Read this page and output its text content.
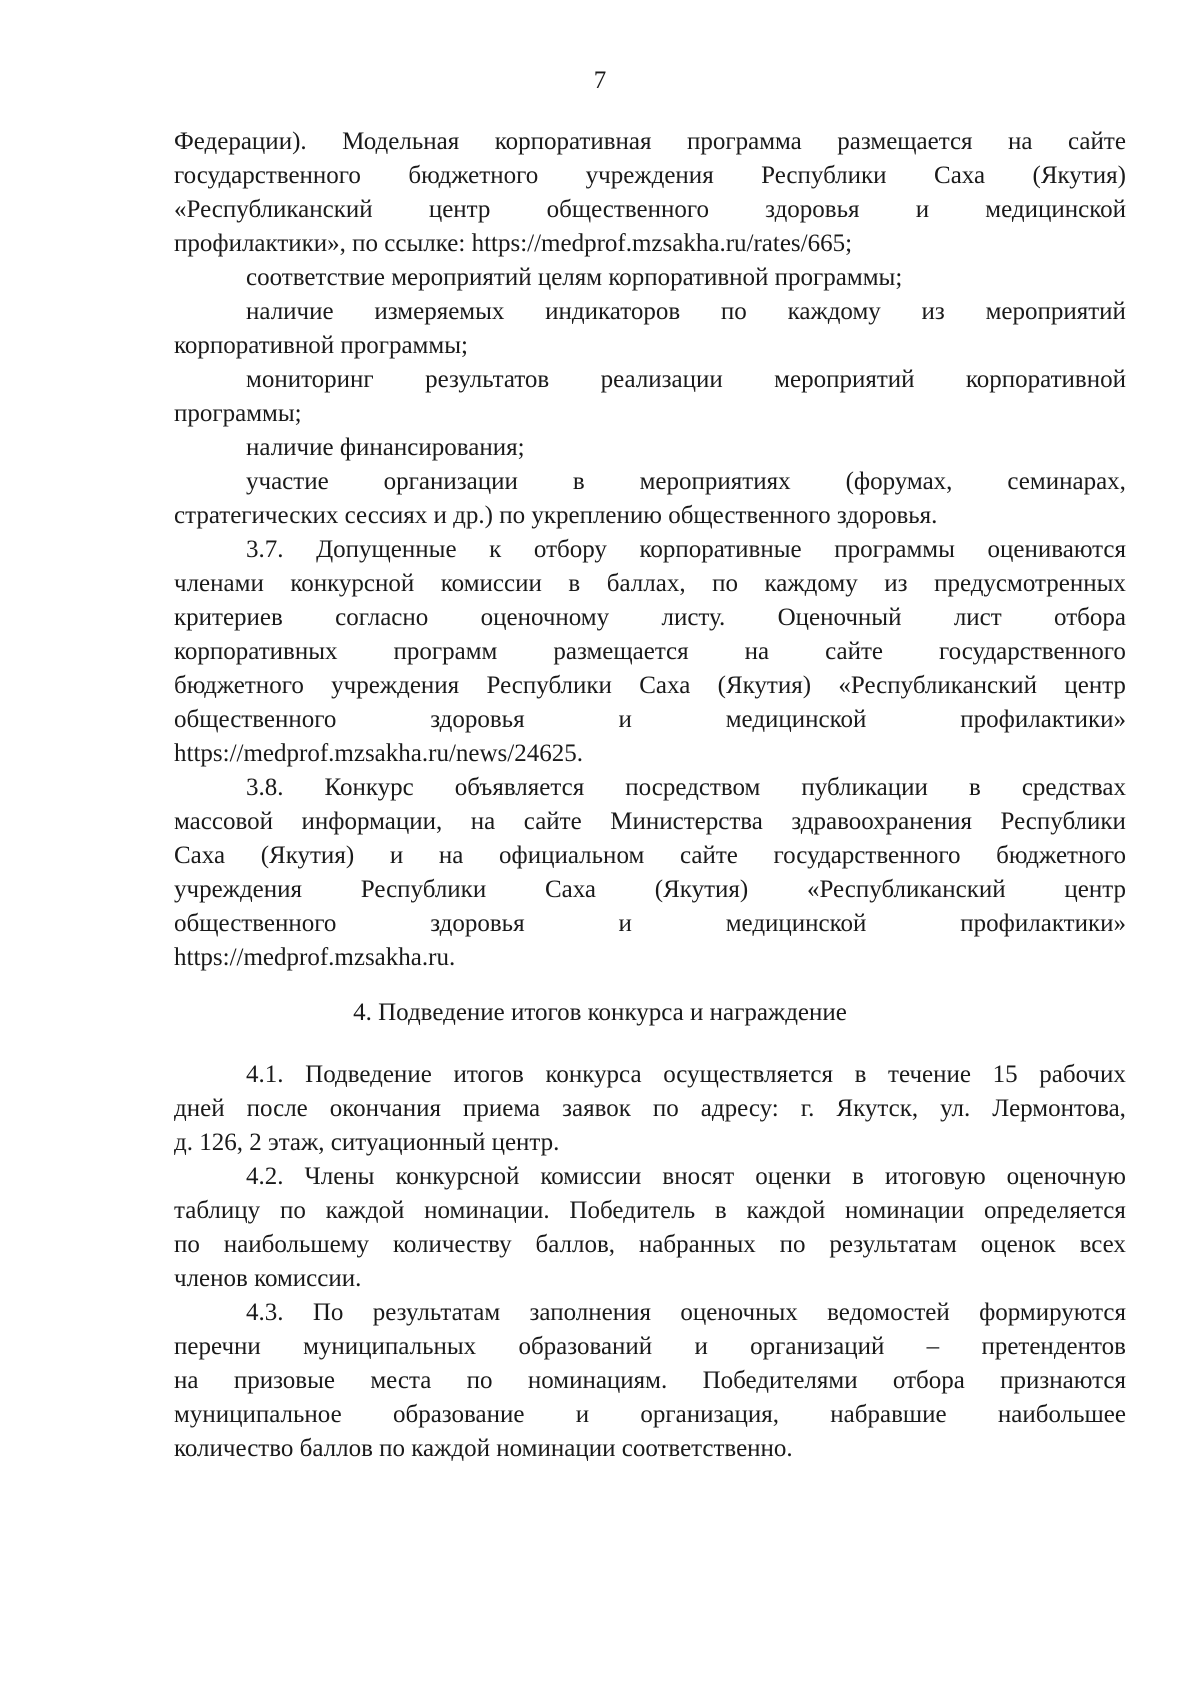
7
Федерации). Модельная корпоративная программа размещается на сайте
государственного бюджетного учреждения Республики Саха (Якутия)
«Республиканский центр общественного здоровья и медицинской
профилактики», по ссылке: https://medprof.mzsakha.ru/rates/665;
соответствие мероприятий целям корпоративной программы;
наличие измеряемых индикаторов по каждому из мероприятий
корпоративной программы;
мониторинг результатов реализации мероприятий корпоративной
программы;
наличие финансирования;
участие организации в мероприятиях (форумах, семинарах,
стратегических сессиях и др.) по укреплению общественного здоровья.
3.7. Допущенные к отбору корпоративные программы оцениваются
членами конкурсной комиссии в баллах, по каждому из предусмотренных
критериев согласно оценочному листу. Оценочный лист отбора
корпоративных программ размещается на сайте государственного
бюджетного учреждения Республики Саха (Якутия) «Республиканский центр
общественного	здоровья	и	медицинской	профилактики»
https://medprof.mzsakha.ru/news/24625.
3.8. Конкурс объявляется посредством публикации в средствах
массовой информации, на сайте Министерства здравоохранения Республики
Саха (Якутия) и на официальном сайте государственного бюджетного
учреждения Республики Саха (Якутия) «Республиканский центр
общественного	здоровья	и	медицинской	профилактики»
https://medprof.mzsakha.ru.
4. Подведение итогов конкурса и награждение
4.1. Подведение итогов конкурса осуществляется в течение 15 рабочих
дней после окончания приема заявок по адресу: г. Якутск, ул. Лермонтова,
д. 126, 2 этаж, ситуационный центр.
4.2. Члены конкурсной комиссии вносят оценки в итоговую оценочную
таблицу по каждой номинации. Победитель в каждой номинации определяется
по наибольшему количеству баллов, набранных по результатам оценок всех
членов комиссии.
4.3. По результатам заполнения оценочных ведомостей формируются
перечни муниципальных образований и организаций – претендентов
на призовые места по номинациям. Победителями отбора признаются
муниципальное образование и организация, набравшие наибольшее
количество баллов по каждой номинации соответственно.
